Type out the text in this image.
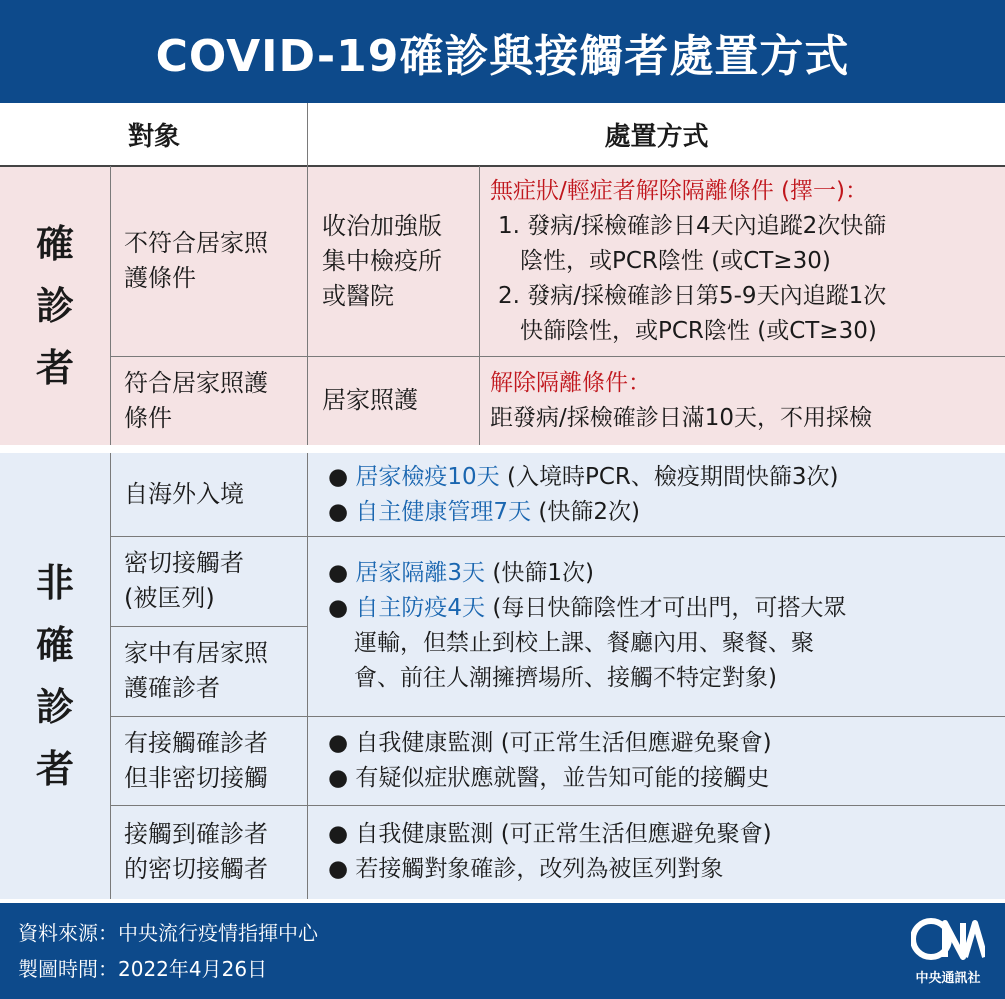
COVID-19確診與接觸者處置方式
對象	處置方式
確
診
者
不符合居家照
護條件
收治加強版
集中檢疫所
或醫院
無症狀/輕症者解除隔離條件 (擇一)：
1. 發病/採檢確診日4天內追蹤2次快篩
陰性，或PCR陰性 (或CT≥30)
2. 發病/採檢確診日第5-9天內追蹤1次
快篩陰性，或PCR陰性 (或CT≥30)
符合居家照護
條件
居家照護
解除隔離條件：
距發病/採檢確診日滿10天，不用採檢
非
確
診
者
自海外入境
● 居家檢疫10天 (入境時PCR、檢疫期間快篩3次)
● 自主健康管理7天 (快篩2次)
密切接觸者
(被匡列)
家中有居家照
護確診者
● 居家隔離3天 (快篩1次)
● 自主防疫4天 (每日快篩陰性才可出門，可搭大眾
運輸，但禁止到校上課、餐廳內用、聚餐、聚
會、前往人潮擁擠場所、接觸不特定對象)
有接觸確診者
但非密切接觸
● 自我健康監測 (可正常生活但應避免聚會)
● 有疑似症狀應就醫，並告知可能的接觸史
接觸到確診者
的密切接觸者
● 自我健康監測 (可正常生活但應避免聚會)
● 若接觸對象確診，改列為被匡列對象
資料來源：中央流行疫情指揮中心
製圖時間：2022年4月26日	中央通訊社
